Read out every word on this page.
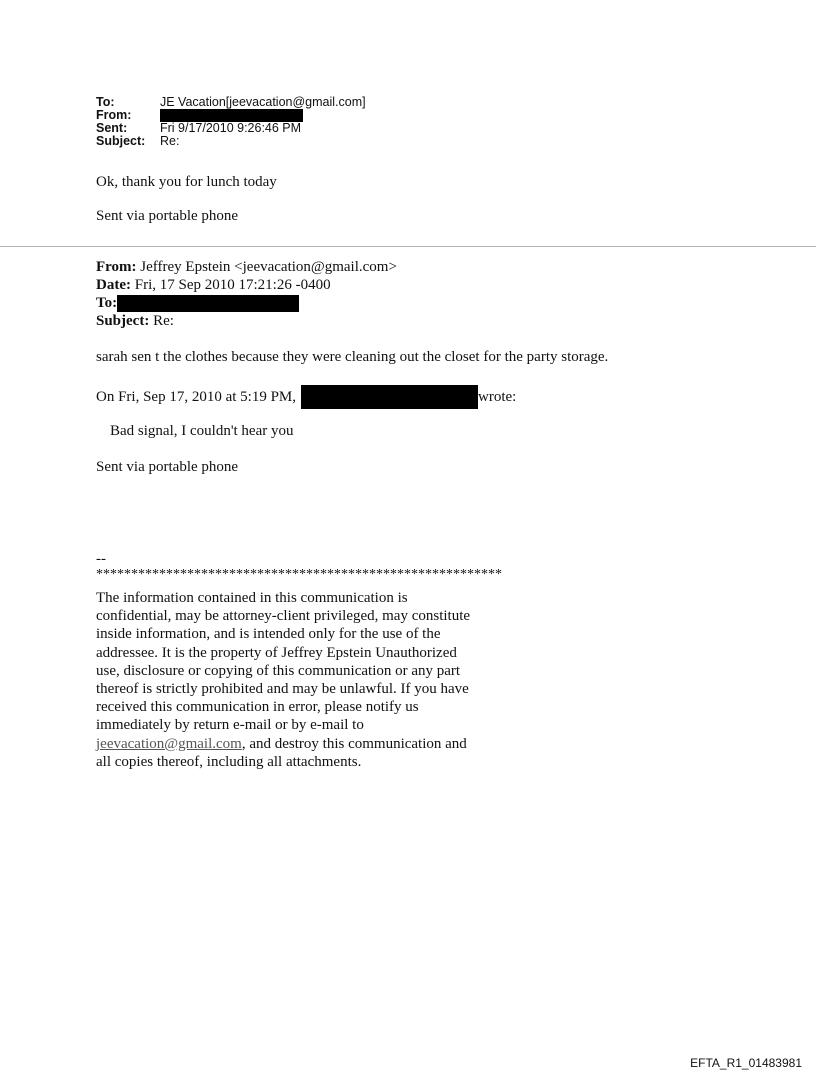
To:	JE Vacation[jeevacation@gmail.com]
From:
Sent:	Fri 9/17/2010 9:26:46 PM
Subject:	Re:
Ok, thank you for lunch today
Sent via portable phone
From: Jeffrey Epstein <jeevacation@gmail.com>
Date: Fri, 17 Sep 2010 17:21:26 -0400
To:
Subject: Re:
sarah sen t the clothes because they were cleaning out the closet for the party storage.
On Fri, Sep 17, 2010 at 5:19 PM,	wrote:
Bad signal, I couldn't hear you
Sent via portable phone
--
**********************************************************
The information contained in this communication is confidential, may be attorney-client privileged, may constitute inside information, and is intended only for the use of the addressee. It is the property of Jeffrey Epstein Unauthorized use, disclosure or copying of this communication or any part thereof is strictly prohibited and may be unlawful. If you have received this communication in error, please notify us immediately by return e-mail or by e-mail to jeevacation@gmail.com, and destroy this communication and all copies thereof, including all attachments.
EFTA_R1_01483981
